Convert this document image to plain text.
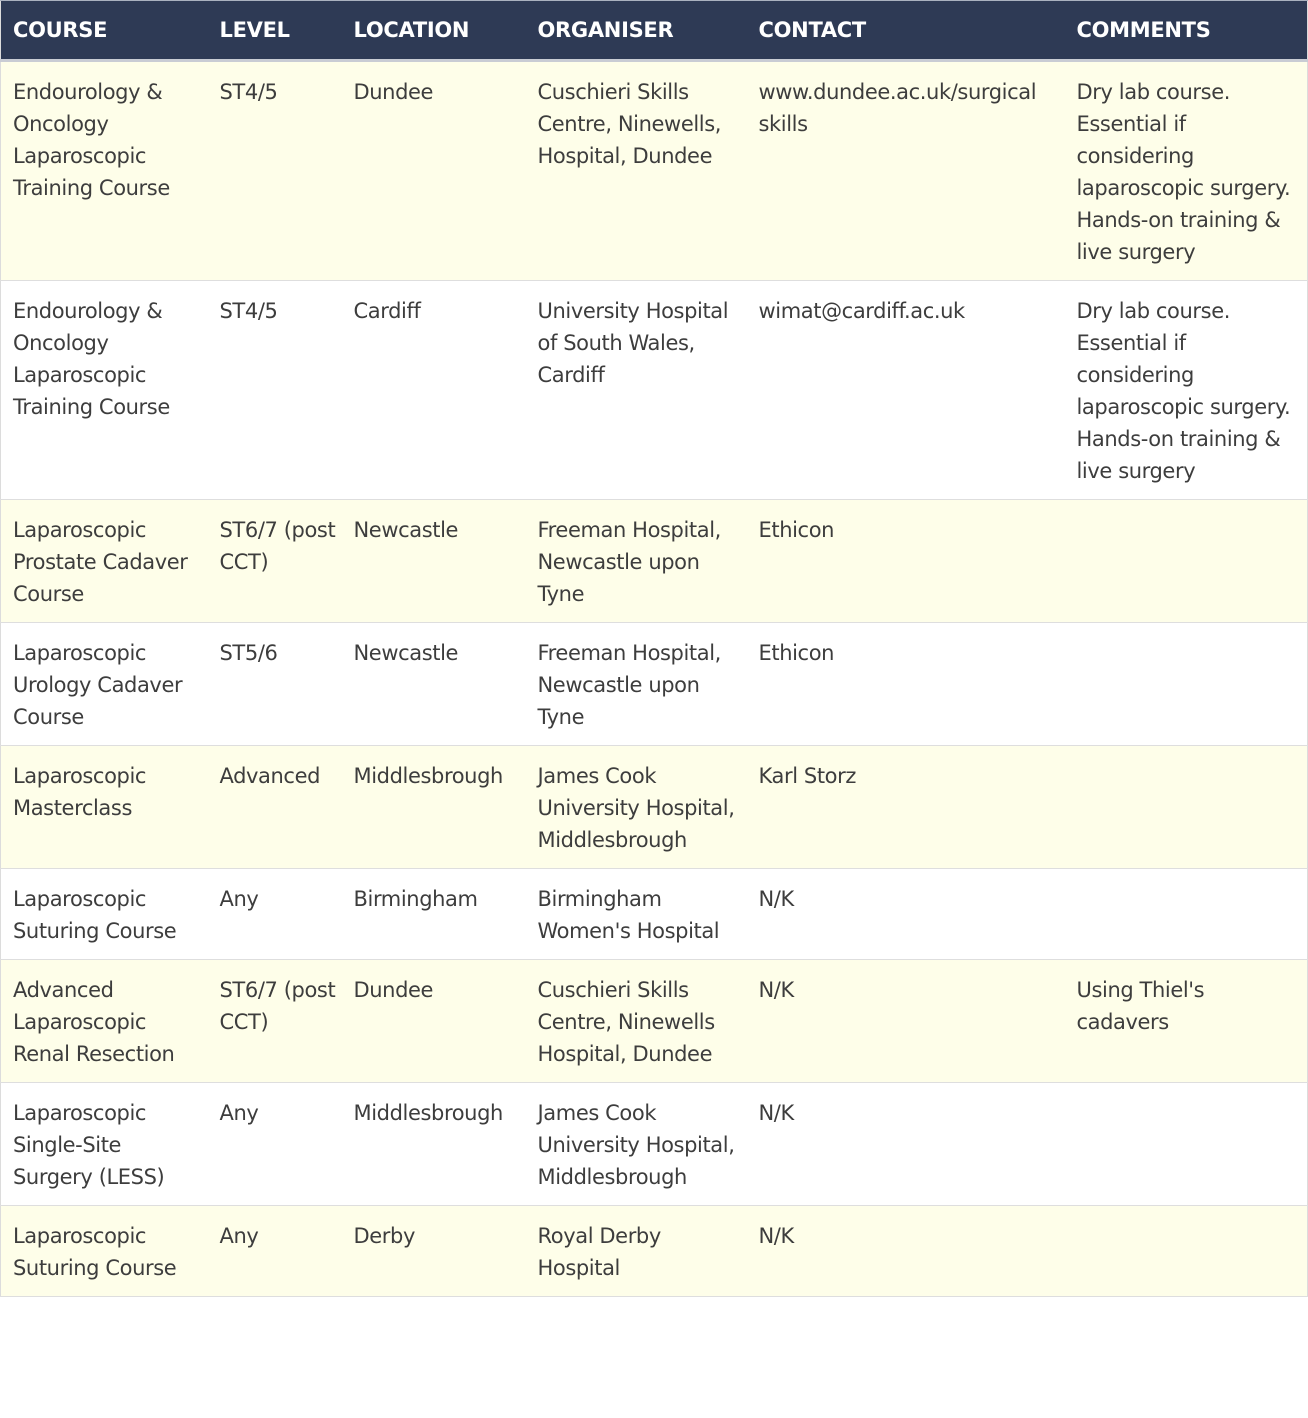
COURSE	LEVEL	LOCATION	ORGANISER	CONTACT	COMMENTS
Endourology & Oncology Laparoscopic Training Course	ST4/5	Dundee	Cuschieri Skills Centre, Ninewells, Hospital, Dundee	www.dundee.ac.uk/surgical skills	Dry lab course. Essential if considering laparoscopic surgery. Hands-on training & live surgery
Endourology & Oncology Laparoscopic Training Course	ST4/5	Cardiff	University Hospital of South Wales, Cardiff	wimat@cardiff.ac.uk	Dry lab course. Essential if considering laparoscopic surgery. Hands-on training & live surgery
Laparoscopic Prostate Cadaver Course	ST6/7 (post CCT)	Newcastle	Freeman Hospital, Newcastle upon Tyne	Ethicon	
Laparoscopic Urology Cadaver Course	ST5/6	Newcastle	Freeman Hospital, Newcastle upon Tyne	Ethicon	
Laparoscopic Masterclass	Advanced	Middlesbrough	James Cook University Hospital, Middlesbrough	Karl Storz	
Laparoscopic Suturing Course	Any	Birmingham	Birmingham Women's Hospital	N/K	
Advanced Laparoscopic Renal Resection	ST6/7 (post CCT)	Dundee	Cuschieri Skills Centre, Ninewells Hospital, Dundee	N/K	Using Thiel's cadavers
Laparoscopic Single-Site Surgery (LESS)	Any	Middlesbrough	James Cook University Hospital, Middlesbrough	N/K	
Laparoscopic Suturing Course	Any	Derby	Royal Derby Hospital	N/K	
